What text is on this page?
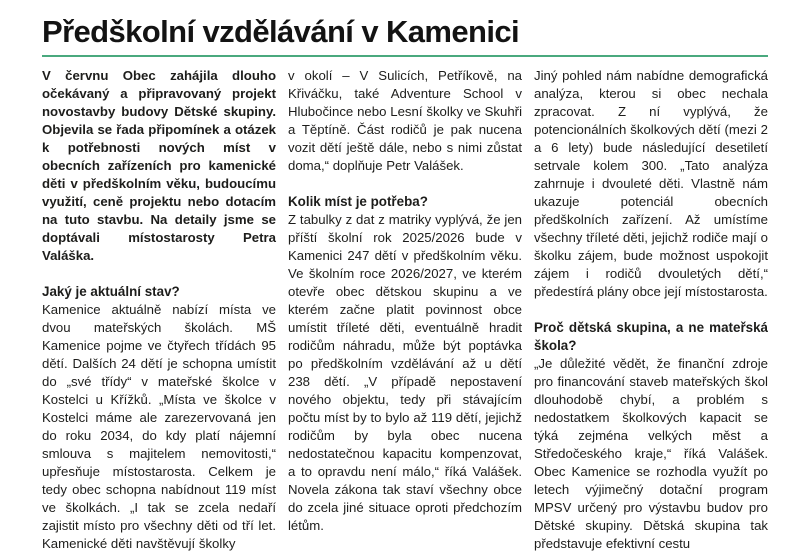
Předškolní vzdělávání v Kamenici

V červnu Obec zahájila dlouho očekávaný a připravovaný projekt novostavby budovy Dětské skupiny. Objevila se řada připomínek a otázek k potřebnosti nových míst v obecních zařízeních pro kamenické děti v předškolním věku, budoucímu využití, ceně projektu nebo dotacím na tuto stavbu. Na detaily jsme se doptávali místostarosty Petra Valáška.

Jaký je aktuální stav?

Kamenice aktuálně nabízí místa ve dvou mateřských školách. MŠ Kamenice pojme ve čtyřech třídách 95 dětí. Dalších 24 dětí je schopna umístit do „své třídy“ v mateřské školce v Kostelci u Křížků. „Místa ve školce v Kostelci máme ale zarezervovaná jen do roku 2034, do kdy platí nájemní smlouva s majitelem nemovitosti,“ upřesňuje místostarosta. Celkem je tedy obec schopna nabídnout 119 míst ve školkách. „I tak se zcela nedaří zajistit místo pro všechny děti od tří let. Kamenické děti navštěvují školky

v okolí – V Sulicích, Petříkově, na Křiváčku, také Adventure School v Hlubočince nebo Lesní školky ve Skuhři a Těptíně. Část rodičů je pak nucena vozit dětí ještě dále, nebo s nimi zůstat doma,“ doplňuje Petr Valášek.

Kolik míst je potřeba?

Z tabulky z dat z matriky vyplývá, že jen příští školní rok 2025/2026 bude v Kamenici 247 dětí v předškolním věku. Ve školním roce 2026/2027, ve kterém otevře obec dětskou skupinu a ve kterém začne platit povinnost obce umístit tříleté děti, eventuálně hradit rodičům náhradu, může být poptávka po předškolním vzdělávání až u dětí 238 dětí. „V případě nepostavení nového objektu, tedy při stávajícím počtu míst by to bylo až 119 dětí, jejichž rodičům by byla obec nucena nedostatečnou kapacitu kompenzovat, a to opravdu není málo,“ říká Valášek. Novela zákona tak staví všechny obce do zcela jiné situace oproti předchozím létům.

Jiný pohled nám nabídne demografická analýza, kterou si obec nechala zpracovat. Z ní vyplývá, že potencionálních školkových dětí (mezi 2 a 6 lety) bude následující desetiletí setrvale kolem 300. „Tato analýza zahrnuje i dvouleté děti. Vlastně nám ukazuje potenciál obecních předškolních zařízení. Až umístíme všechny tříleté děti, jejichž rodiče mají o školku zájem, bude možnost uspokojit zájem i rodičů dvouletých dětí,“ předestírá plány obce její místostarosta.

Proč dětská skupina, a ne mateřská škola?

„Je důležité vědět, že finanční zdroje pro financování staveb mateřských škol dlouhodobě chybí, a problém s nedostatkem školkových kapacit se týká zejména velkých měst a Středočeského kraje,“ říká Valášek. Obec Kamenice se rozhodla využít po letech výjimečný dotační program MPSV určený pro výstavbu budov pro Dětské skupiny. Dětská skupina tak představuje efektivní cestu
